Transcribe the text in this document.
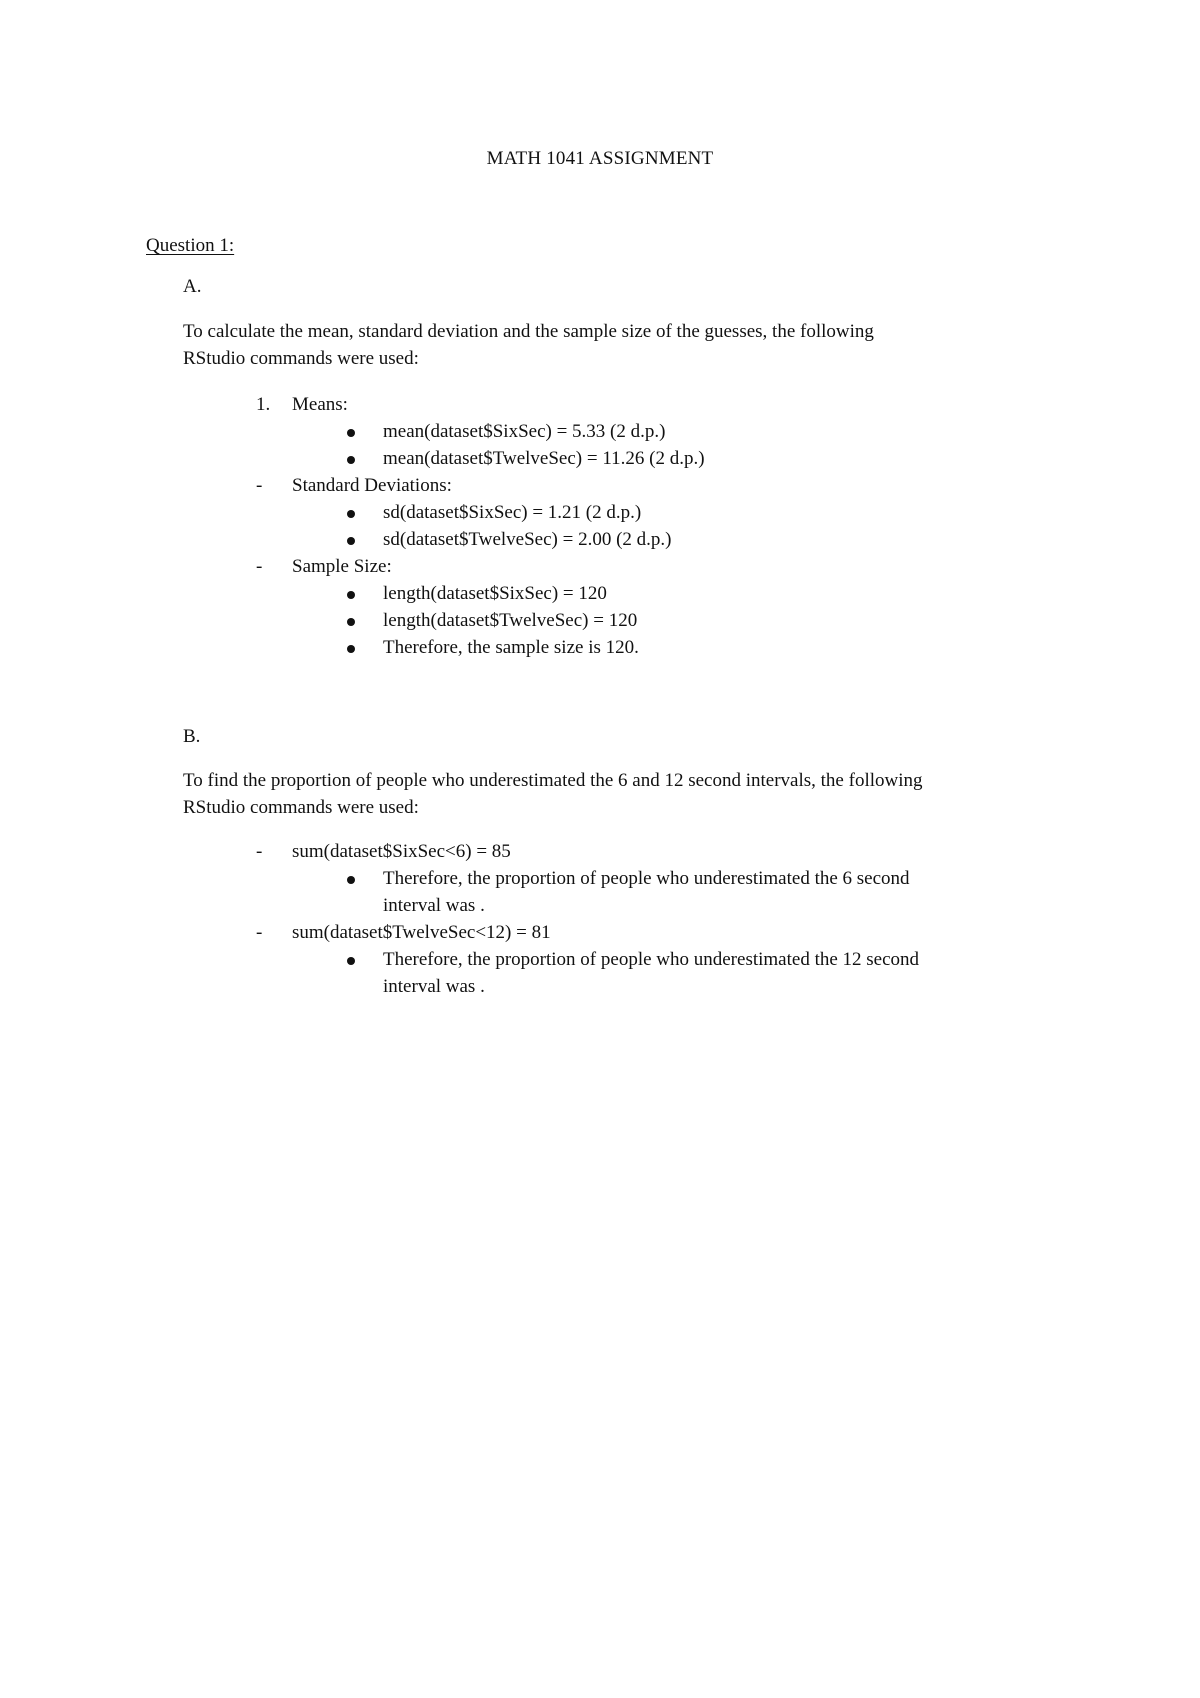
MATH 1041 ASSIGNMENT
Question 1:
A.
To calculate the mean, standard deviation and the sample size of the guesses, the following
RStudio commands were used:
1. Means:
mean(dataset$SixSec) = 5.33 (2 d.p.)
mean(dataset$TwelveSec) = 11.26 (2 d.p.)
- Standard Deviations:
sd(dataset$SixSec) = 1.21 (2 d.p.)
sd(dataset$TwelveSec) = 2.00 (2 d.p.)
- Sample Size:
length(dataset$SixSec) = 120
length(dataset$TwelveSec) = 120
Therefore, the sample size is 120.
B.
To find the proportion of people who underestimated the 6 and 12 second intervals, the following
RStudio commands were used:
- sum(dataset$SixSec<6) = 85
Therefore, the proportion of people who underestimated the 6 second
interval was .
- sum(dataset$TwelveSec<12) = 81
Therefore, the proportion of people who underestimated the 12 second
interval was .
